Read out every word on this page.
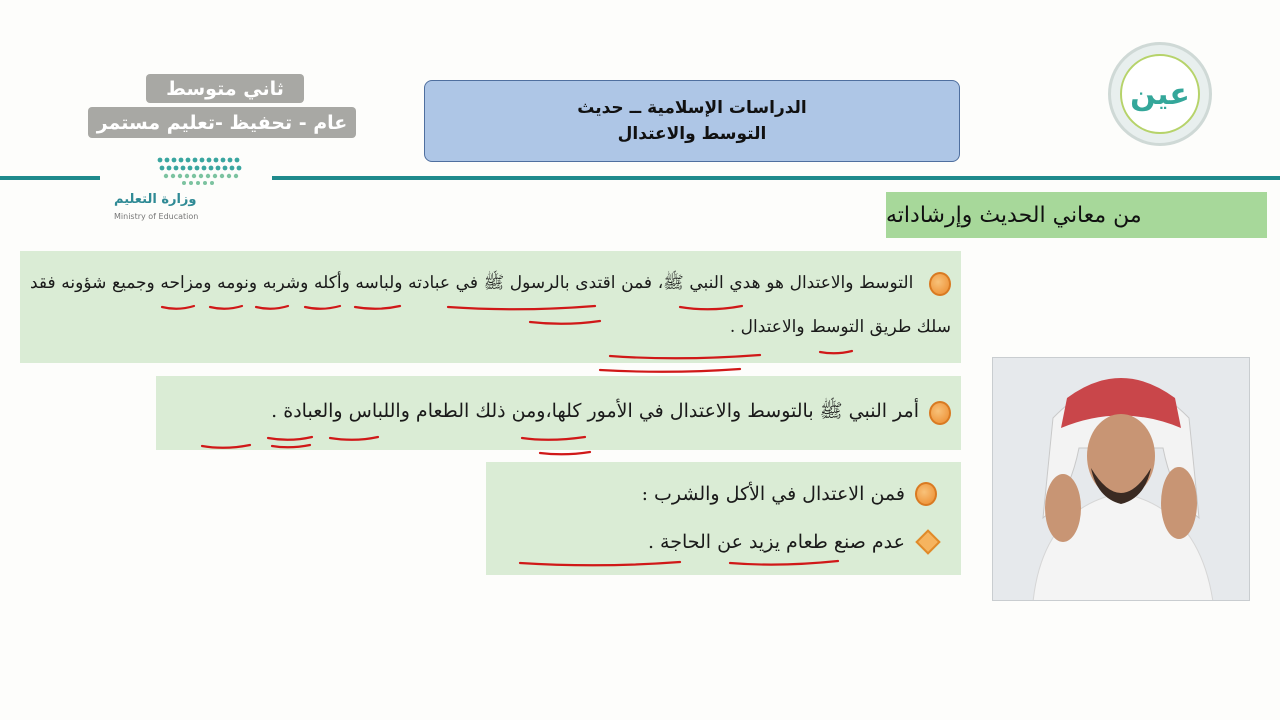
ثاني متوسط
عام - تحفيظ -تعليم مستمر
الدراسات الإسلامية ــ حديث
التوسط والاعتدال
وزارة التعليم
Ministry of Education
عين
من معاني الحديث وإرشاداته
التوسط والاعتدال هو هدي النبي ﷺ، فمن اقتدى بالرسول ﷺ في عبادته ولباسه وأكله وشربه ونومه ومزاحه وجميع شؤونه فقد سلك طريق التوسط والاعتدال .
أمر النبي ﷺ بالتوسط والاعتدال في الأمور كلها،ومن ذلك الطعام واللباس والعبادة .
فمن الاعتدال في الأكل والشرب :
عدم صنع طعام يزيد عن الحاجة .
